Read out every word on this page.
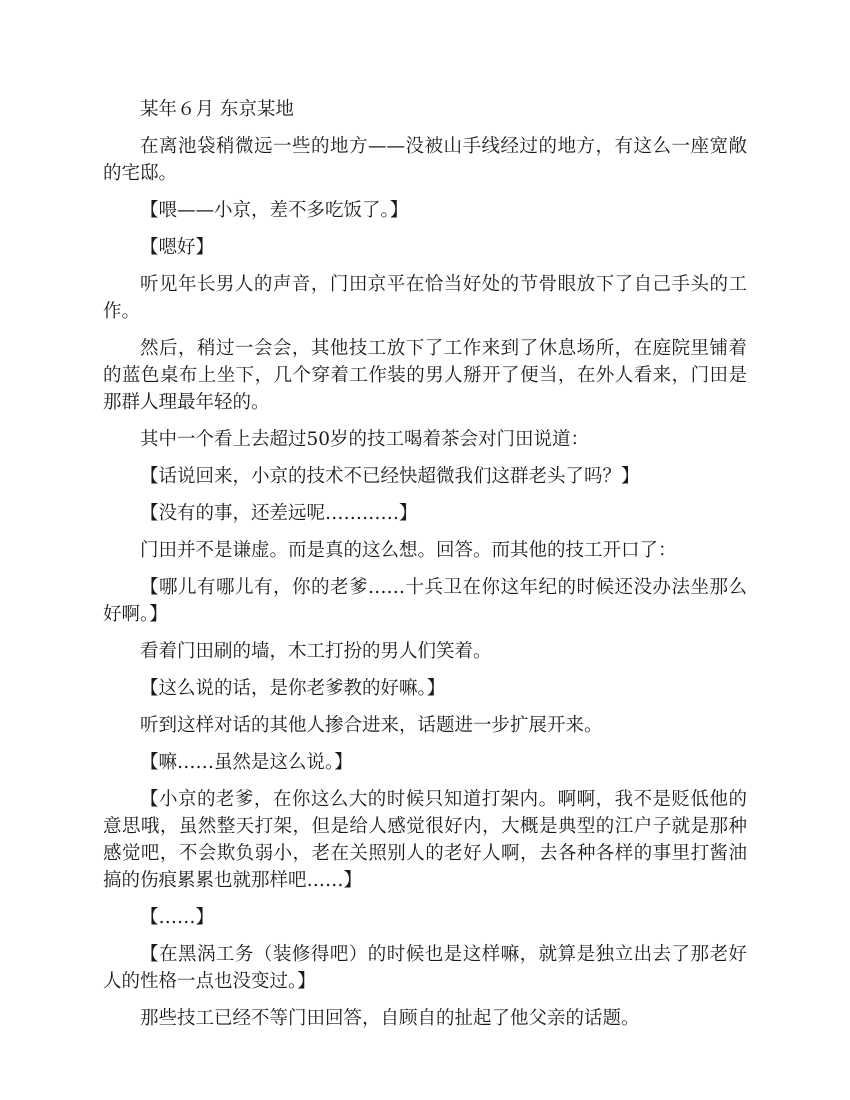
某年６月 东京某地

在离池袋稍微远一些的地方——没被山手线经过的地方，有这么一座宽敞的宅邸。

【喂——小京，差不多吃饭了。】

【嗯好】

听见年长男人的声音，门田京平在恰当好处的节骨眼放下了自己手头的工作。

然后，稍过一会会，其他技工放下了工作来到了休息场所，在庭院里铺着的蓝色桌布上坐下，几个穿着工作装的男人掰开了便当，在外人看来，门田是那群人理最年轻的。

其中一个看上去超过50岁的技工喝着茶会对门田说道：

【话说回来，小京的技术不已经快超微我们这群老头了吗？】

【没有的事，还差远呢…………】

门田并不是谦虚。而是真的这么想。回答。而其他的技工开口了：

【哪儿有哪儿有，你的老爹……十兵卫在你这年纪的时候还没办法坐那么好啊。】

看着门田刷的墙，木工打扮的男人们笑着。

【这么说的话，是你老爹教的好嘛。】

听到这样对话的其他人掺合进来，话题进一步扩展开来。

【嘛……虽然是这么说。】

【小京的老爹，在你这么大的时候只知道打架内。啊啊，我不是贬低他的意思哦，虽然整天打架，但是给人感觉很好内，大概是典型的江户子就是那种感觉吧，不会欺负弱小，老在关照别人的老好人啊，去各种各样的事里打酱油搞的伤痕累累也就那样吧……】

【……】

【在黑涡工务（装修得吧）的时候也是这样嘛，就算是独立出去了那老好人的性格一点也没变过。】

那些技工已经不等门田回答，自顾自的扯起了他父亲的话题。
